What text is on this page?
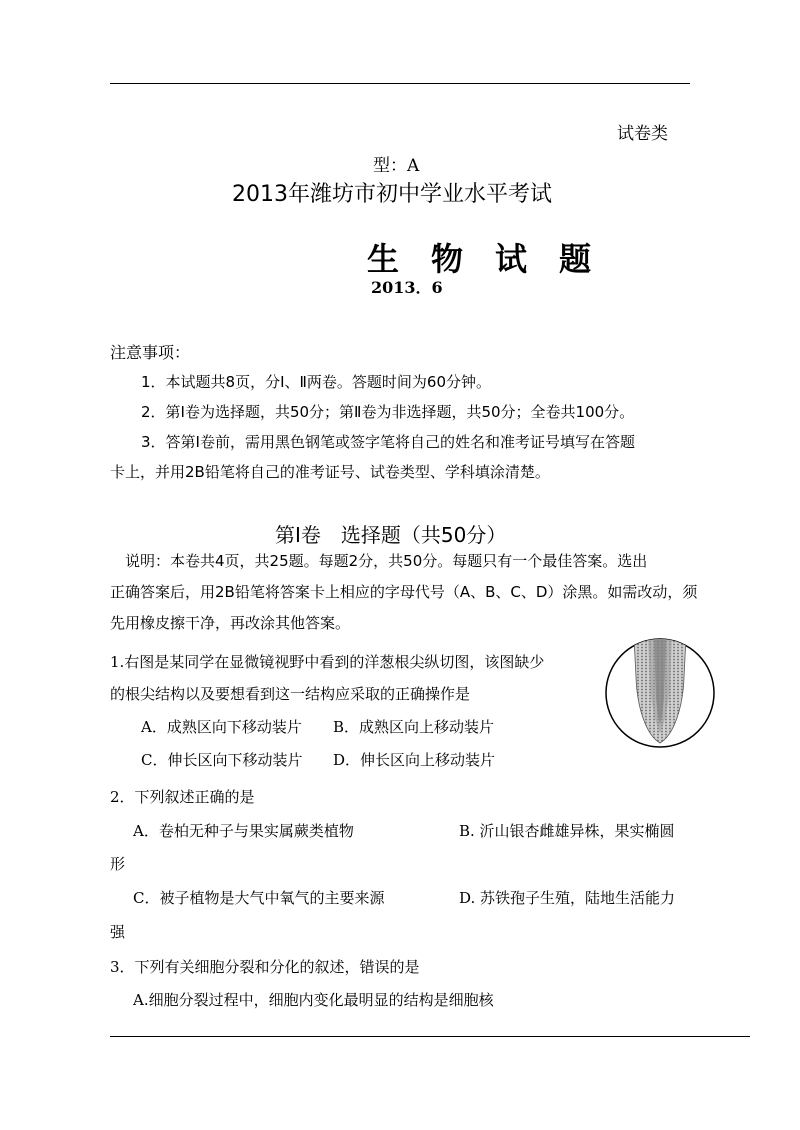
试卷类
型：A
2013年潍坊市初中学业水平考试
生　物　试　题
2013．6
注意事项：
1．本试题共8页，分Ⅰ、Ⅱ两卷。答题时间为60分钟。
2．第Ⅰ卷为选择题，共50分；第Ⅱ卷为非选择题，共50分；全卷共100分。
3．答第Ⅰ卷前，需用黑色钢笔或签字笔将自己的姓名和准考证号填写在答题
卡上，并用2B铅笔将自己的准考证号、试卷类型、学科填涂清楚。
第Ⅰ卷　选择题（共50分）
说明：本卷共4页，共25题。每题2分，共50分。每题只有一个最佳答案。选出
正确答案后，用2B铅笔将答案卡上相应的字母代号（A、B、C、D）涂黑。如需改动，须
先用橡皮擦干净，再改涂其他答案。
1.右图是某同学在显微镜视野中看到的洋葱根尖纵切图，该图缺少
的根尖结构以及要想看到这一结构应采取的正确操作是
A．成熟区向下移动装片 B．成熟区向上移动装片
C．伸长区向下移动装片 D．伸长区向上移动装片
2．下列叙述正确的是
A．卷柏无种子与果实属蕨类植物	B. 沂山银杏雌雄异株，果实椭圆
形
C．被子植物是大气中氧气的主要来源	D. 苏铁孢子生殖，陆地生活能力
强
3．下列有关细胞分裂和分化的叙述，错误的是
A.细胞分裂过程中，细胞内变化最明显的结构是细胞核
